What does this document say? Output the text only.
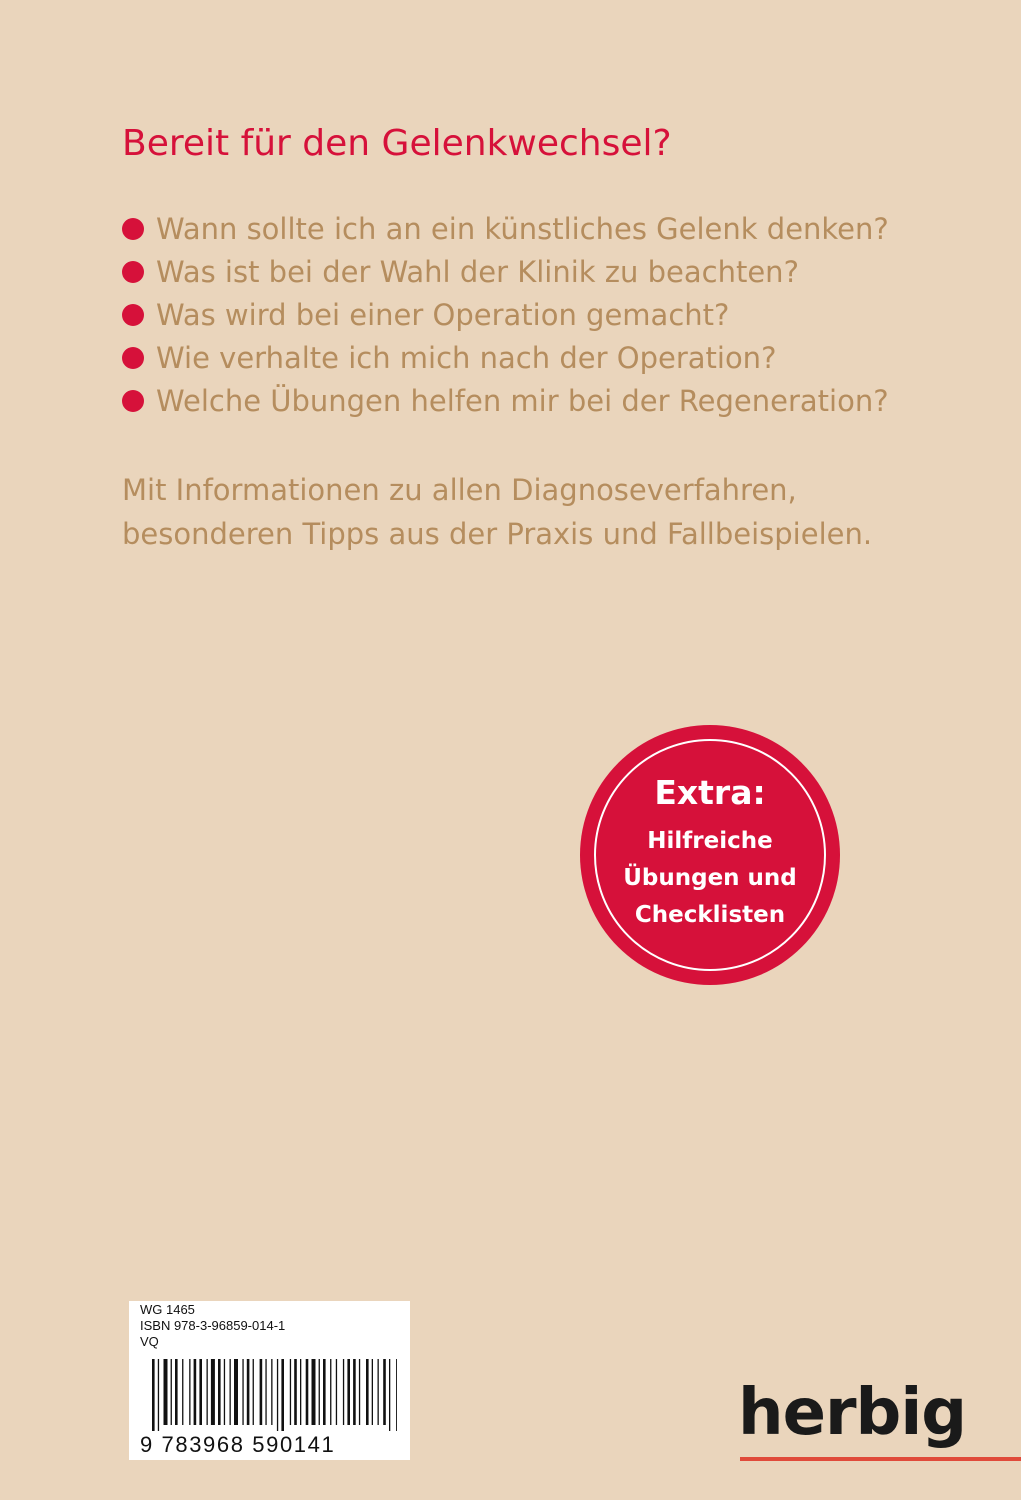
Bereit für den Gelenkwechsel?
Wann sollte ich an ein künstliches Gelenk denken?
Was ist bei der Wahl der Klinik zu beachten?
Was wird bei einer Operation gemacht?
Wie verhalte ich mich nach der Operation?
Welche Übungen helfen mir bei der Regeneration?

Mit Informationen zu allen Diagnoseverfahren,
besonderen Tipps aus der Praxis und Fallbeispielen.

Extra:
Hilfreiche
Übungen und
Checklisten
WG 1465
ISBN 978-3-96859-014-1
VQ
9 783968 590141	herbig
